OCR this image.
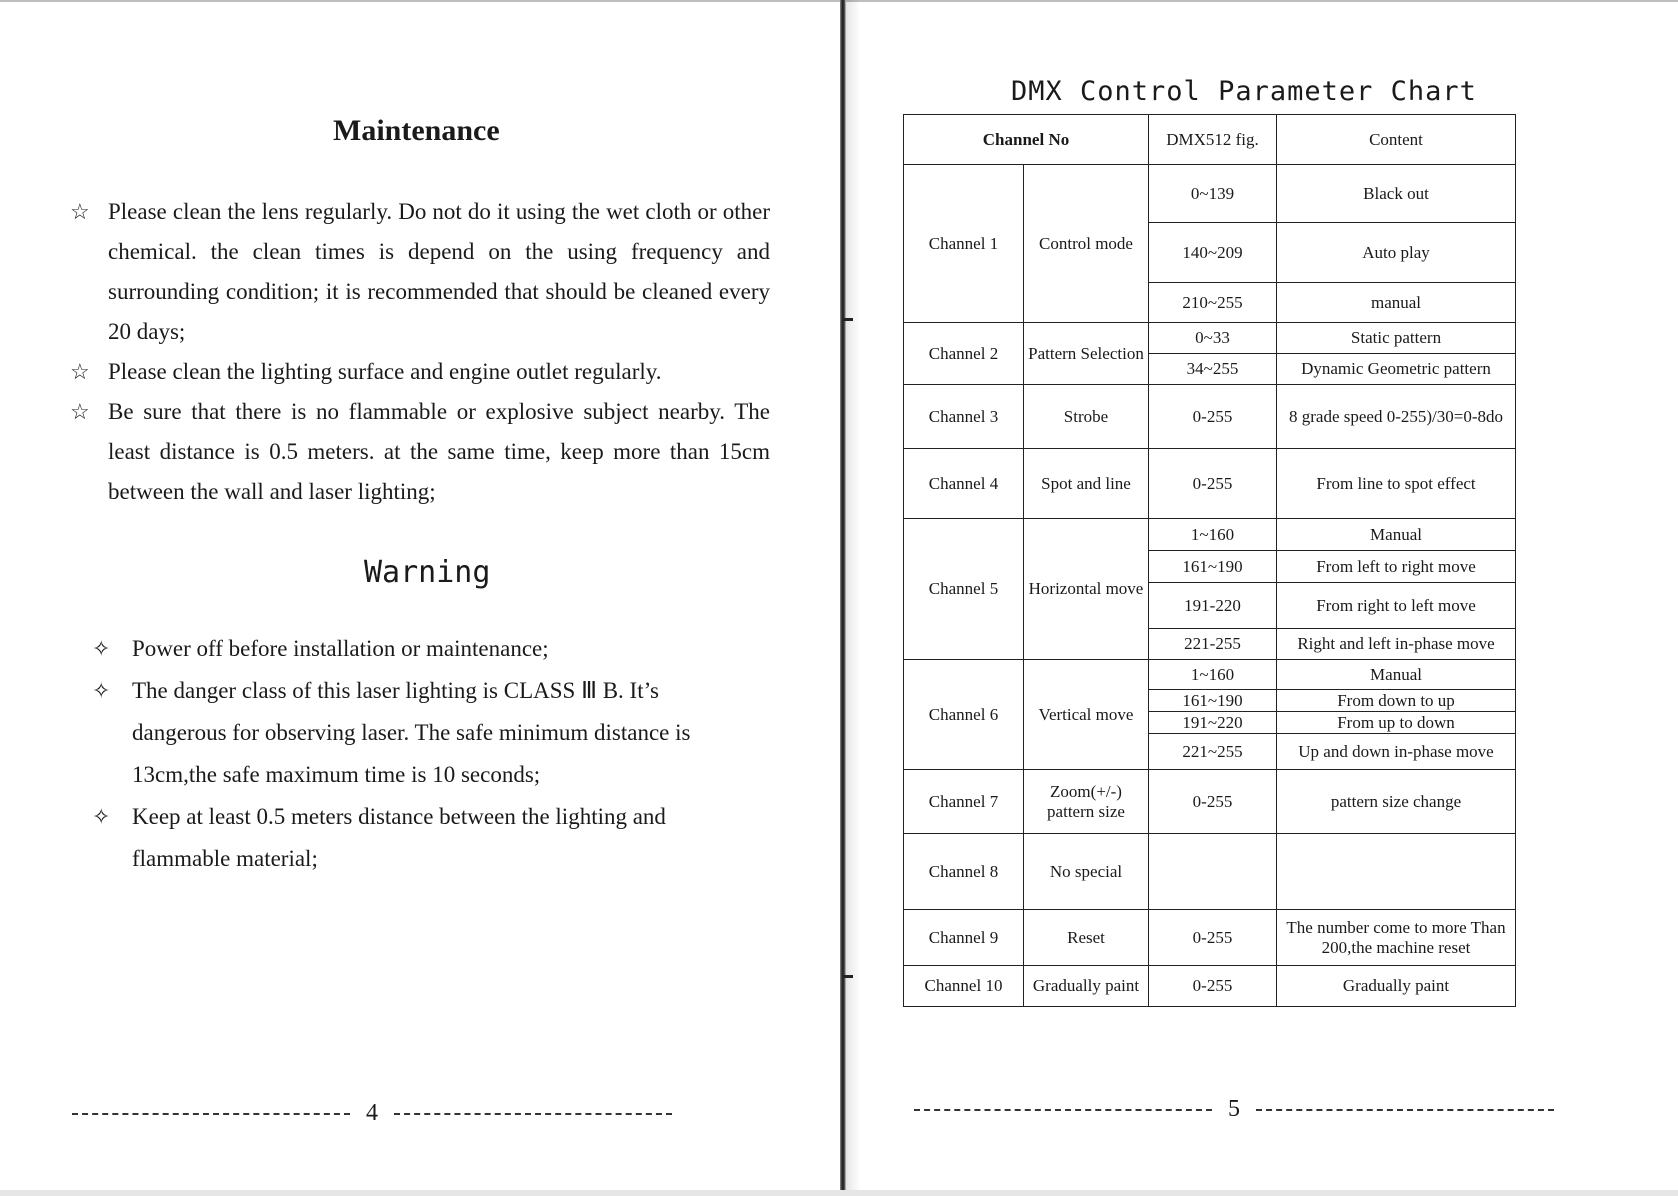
Maintenance
☆ Please clean the lens regularly. Do not do it using the wet cloth or other chemical. the clean times is depend on the using frequency and surrounding condition; it is recommended that should be cleaned every 20 days;
☆ Please clean the lighting surface and engine outlet regularly.
☆ Be sure that there is no flammable or explosive subject nearby. The least distance is 0.5 meters. at the same time, keep more than 15cm between the wall and laser lighting;
Warning
✧ Power off before installation or maintenance;
✧ The danger class of this laser lighting is CLASS Ⅲ B. It’s dangerous for observing laser. The safe minimum distance is 13cm,the safe maximum time is 10 seconds;
✧ Keep at least 0.5 meters distance between the lighting and flammable material;
4
DMX Control Parameter Chart
Channel No		DMX512 fig.	Content
Channel 1	Control mode	0~139	Black out
		140~209	Auto play
		210~255	manual
Channel 2	Pattern Selection	0~33	Static pattern
		34~255	Dynamic Geometric pattern
Channel 3	Strobe	0-255	8 grade speed 0-255)/30=0-8do
Channel 4	Spot and line	0-255	From line to spot effect
Channel 5	Horizontal move	1~160	Manual
		161~190	From left to right move
		191-220	From right to left move
		221-255	Right and left in-phase move
Channel 6	Vertical move	1~160	Manual
		161~190	From down to up
		191~220	From up to down
		221~255	Up and down in-phase move
Channel 7	Zoom(+/-) pattern size	0-255	pattern size change
Channel 8	No special		
Channel 9	Reset	0-255	The number come to more Than 200,the machine reset
Channel 10	Gradually paint	0-255	Gradually paint
5
